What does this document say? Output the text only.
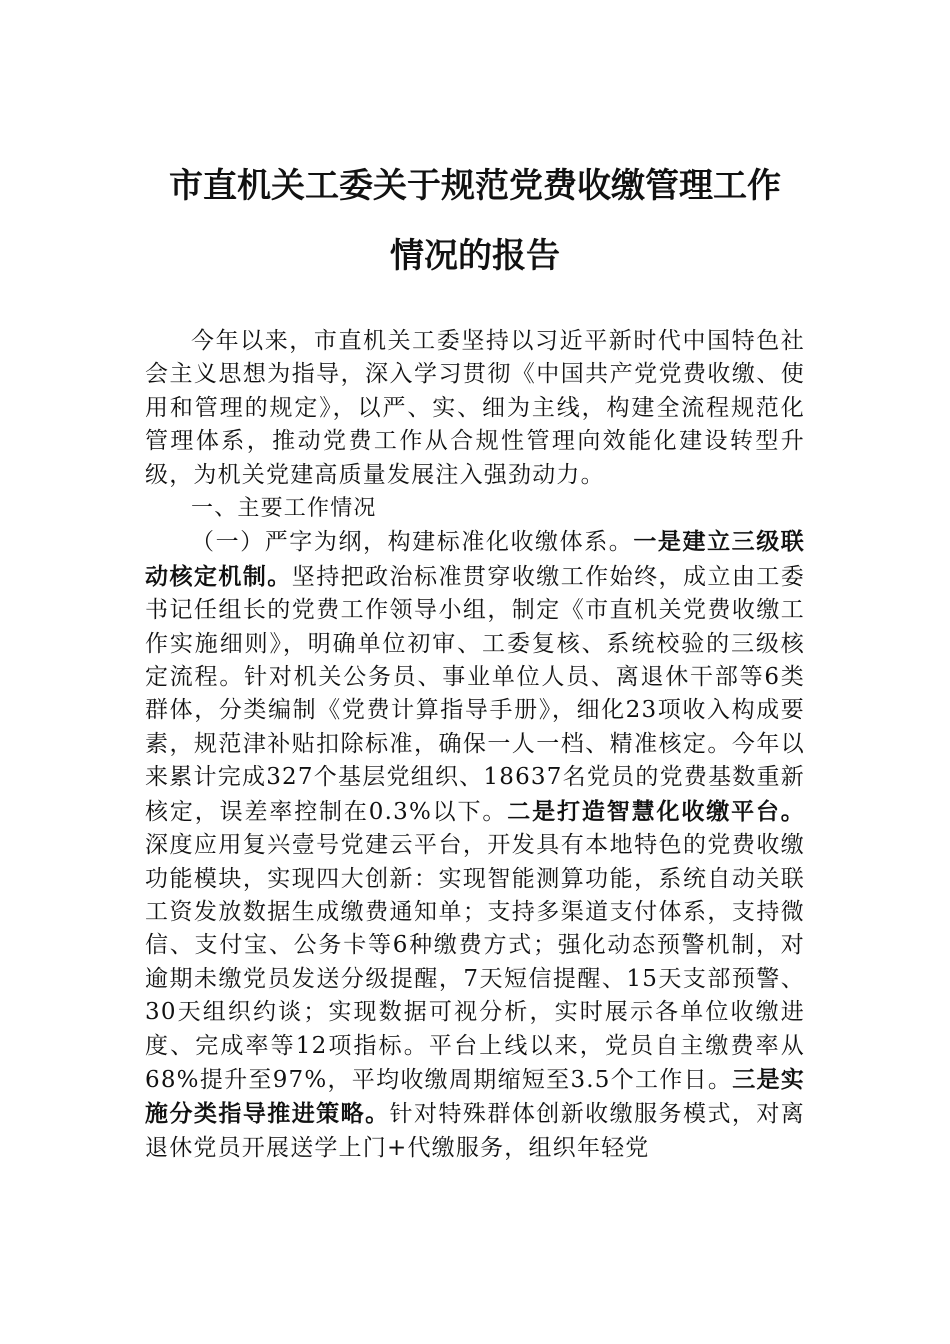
市直机关工委关于规范党费收缴管理工作
情况的报告

今年以来，市直机关工委坚持以习近平新时代中国特色社会主义思想为指导，深入学习贯彻《中国共产党党费收缴、使用和管理的规定》，以严、实、细为主线，构建全流程规范化管理体系，推动党费工作从合规性管理向效能化建设转型升级，为机关党建高质量发展注入强劲动力。

一、主要工作情况

（一）严字为纲，构建标准化收缴体系。一是建立三级联动核定机制。坚持把政治标准贯穿收缴工作始终，成立由工委书记任组长的党费工作领导小组，制定《市直机关党费收缴工作实施细则》，明确单位初审、工委复核、系统校验的三级核定流程。针对机关公务员、事业单位人员、离退休干部等6类群体，分类编制《党费计算指导手册》，细化23项收入构成要素，规范津补贴扣除标准，确保一人一档、精准核定。今年以来累计完成327个基层党组织、18637名党员的党费基数重新核定，误差率控制在0.3%以下。二是打造智慧化收缴平台。深度应用复兴壹号党建云平台，开发具有本地特色的党费收缴功能模块，实现四大创新：实现智能测算功能，系统自动关联工资发放数据生成缴费通知单；支持多渠道支付体系，支持微信、支付宝、公务卡等6种缴费方式；强化动态预警机制，对逾期未缴党员发送分级提醒，7天短信提醒、15天支部预警、30天组织约谈；实现数据可视分析，实时展示各单位收缴进度、完成率等12项指标。平台上线以来，党员自主缴费率从68%提升至97%，平均收缴周期缩短至3.5个工作日。三是实施分类指导推进策略。针对特殊群体创新收缴服务模式，对离退休党员开展送学上门+代缴服务，组织年轻党
